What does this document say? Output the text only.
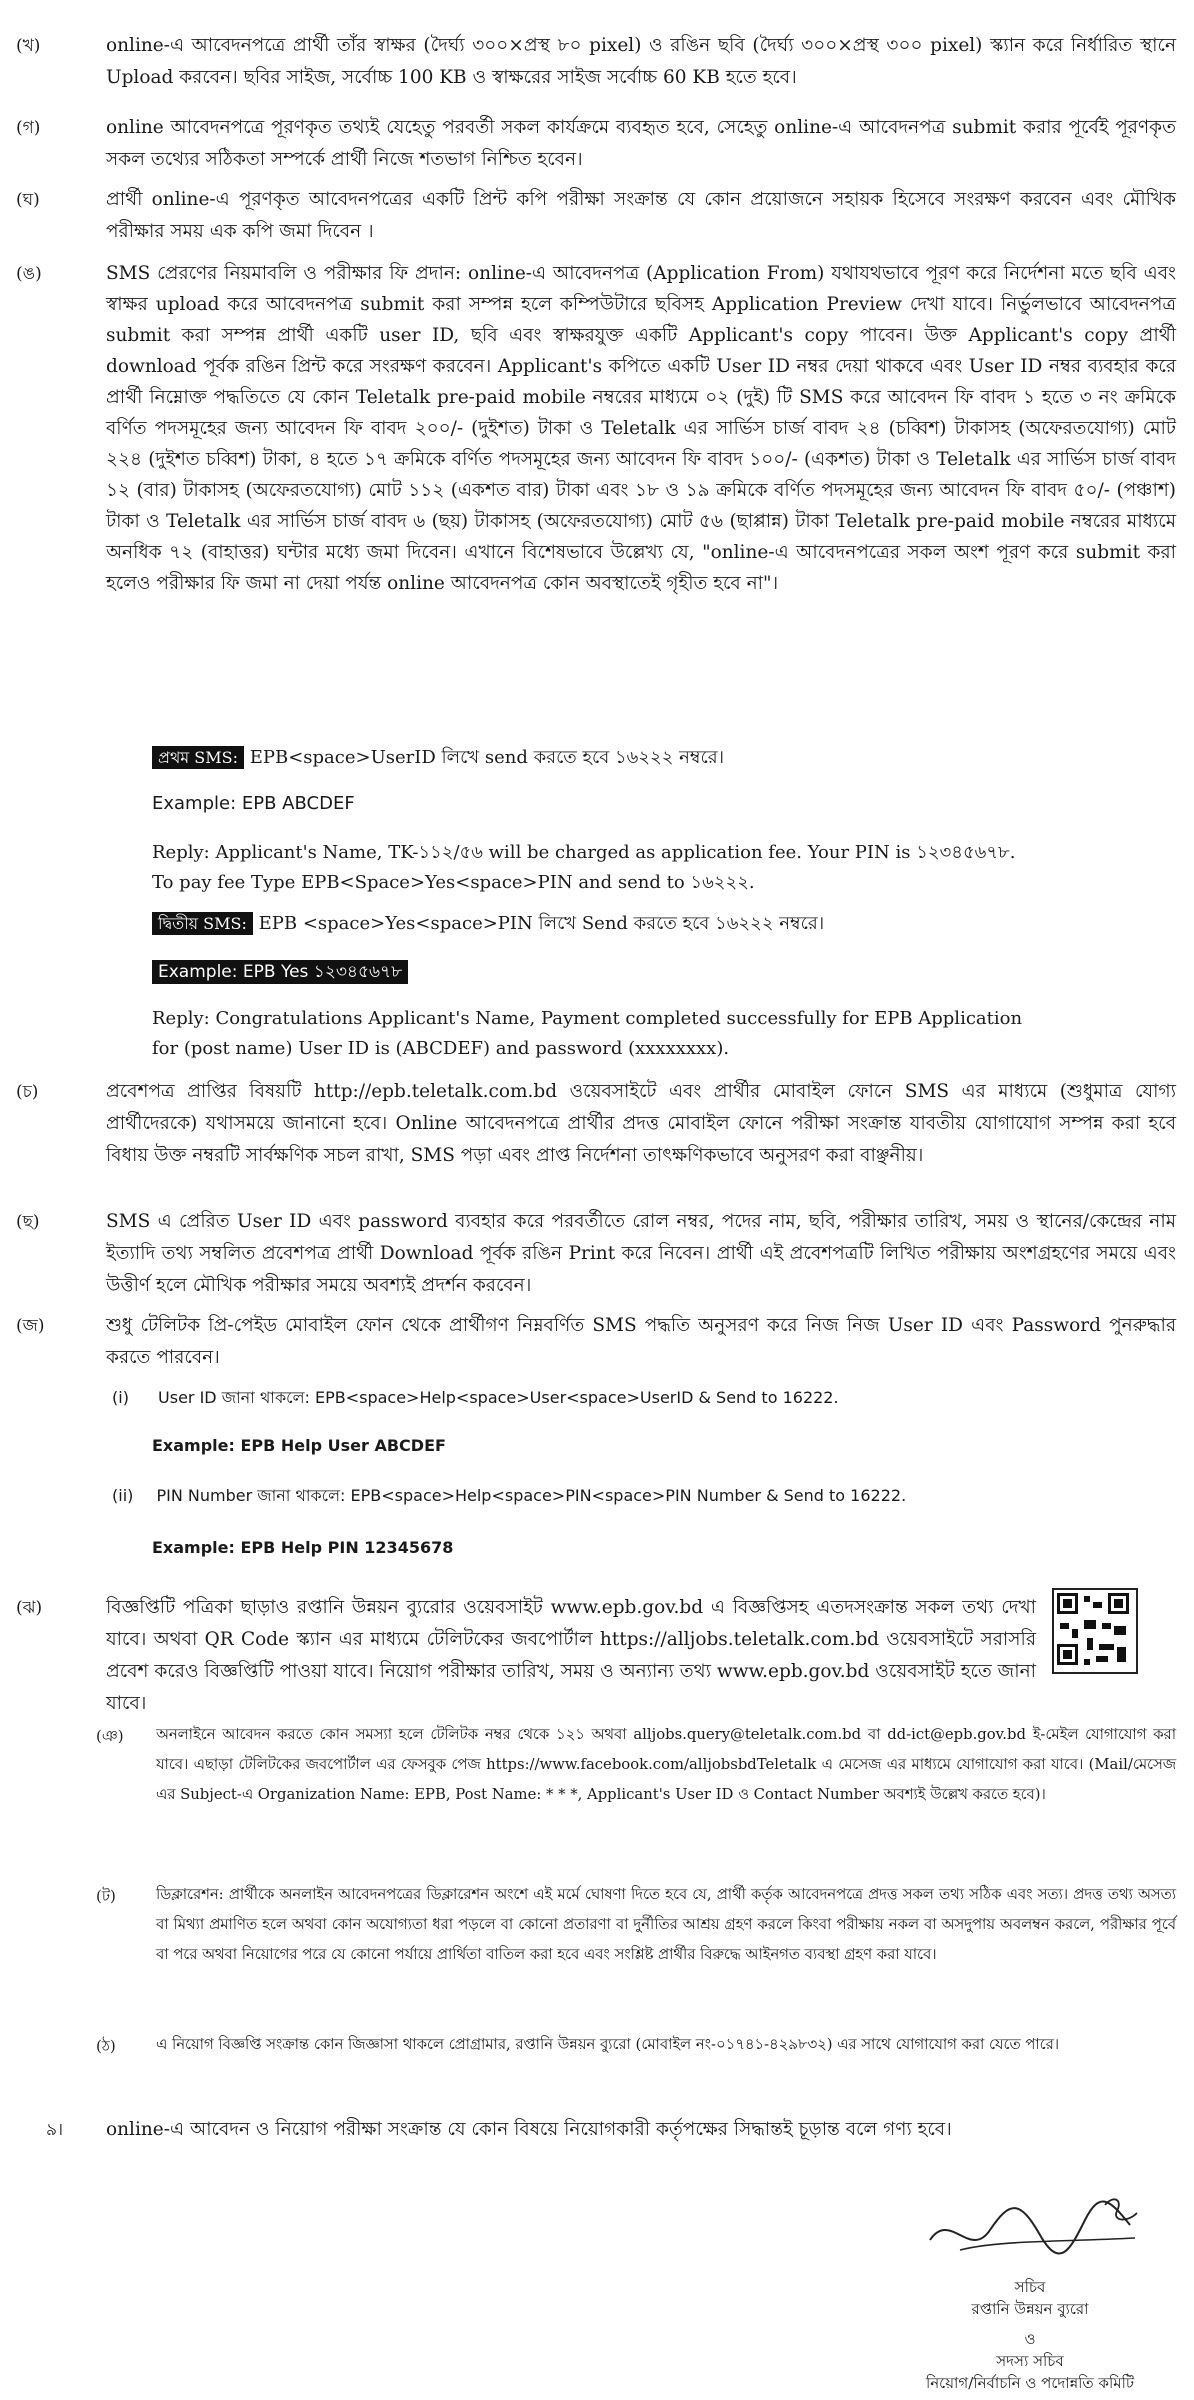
(খ)	online-এ আবেদনপত্রে প্রার্থী তাঁর স্বাক্ষর (দৈর্ঘ্য ৩০০×প্রস্থ ৮০ pixel) ও রঙিন ছবি (দৈর্ঘ্য ৩০০×প্রস্থ ৩০০ pixel) স্ক্যান করে নির্ধারিত স্থানে Upload করবেন। ছবির সাইজ, সর্বোচ্চ 100 KB ও স্বাক্ষরের সাইজ সর্বোচ্চ 60 KB হতে হবে।
(গ)	online আবেদনপত্রে পূরণকৃত তথ্যই যেহেতু পরবর্তী সকল কার্যক্রমে ব্যবহৃত হবে, সেহেতু online-এ আবেদনপত্র submit করার পূর্বেই পূরণকৃত সকল তথ্যের সঠিকতা সম্পর্কে প্রার্থী নিজে শতভাগ নিশ্চিত হবেন।
(ঘ)	প্রার্থী online-এ পূরণকৃত আবেদনপত্রের একটি প্রিন্ট কপি পরীক্ষা সংক্রান্ত যে কোন প্রয়োজনে সহায়ক হিসেবে সংরক্ষণ করবেন এবং মৌখিক পরীক্ষার সময় এক কপি জমা দিবেন ।
(ঙ)	SMS প্রেরণের নিয়মাবলি ও পরীক্ষার ফি প্রদান: online-এ আবেদনপত্র (Application From) যথাযথভাবে পূরণ করে নির্দেশনা মতে ছবি এবং স্বাক্ষর upload করে আবেদনপত্র submit করা সম্পন্ন হলে কম্পিউটারে ছবিসহ Application Preview দেখা যাবে। নির্ভুলভাবে আবেদনপত্র submit করা সম্পন্ন প্রার্থী একটি user ID, ছবি এবং স্বাক্ষরযুক্ত একটি Applicant's copy পাবেন। উক্ত Applicant's copy প্রার্থী download পূর্বক রঙিন প্রিন্ট করে সংরক্ষণ করবেন। Applicant's কপিতে একটি User ID নম্বর দেয়া থাকবে এবং User ID নম্বর ব্যবহার করে প্রার্থী নিম্নোক্ত পদ্ধতিতে যে কোন Teletalk pre-paid mobile নম্বরের মাধ্যমে ০২ (দুই) টি SMS করে আবেদন ফি বাবদ ১ হতে ৩ নং ক্রমিকে বর্ণিত পদসমূহের জন্য আবেদন ফি বাবদ ২০০/- (দুইশত) টাকা ও Teletalk এর সার্ভিস চার্জ বাবদ ২৪ (চব্বিশ) টাকাসহ (অফেরতযোগ্য) মোট ২২৪ (দুইশত চব্বিশ) টাকা, ৪ হতে ১৭ ক্রমিকে বর্ণিত পদসমূহের জন্য আবেদন ফি বাবদ ১০০/- (একশত) টাকা ও Teletalk এর সার্ভিস চার্জ বাবদ ১২ (বার) টাকাসহ (অফেরতযোগ্য) মোট ১১২ (একশত বার) টাকা এবং ১৮ ও ১৯ ক্রমিকে বর্ণিত পদসমূহের জন্য আবেদন ফি বাবদ ৫০/- (পঞ্চাশ) টাকা ও Teletalk এর সার্ভিস চার্জ বাবদ ৬ (ছয়) টাকাসহ (অফেরতযোগ্য) মোট ৫৬ (ছাপ্পান্ন) টাকা Teletalk pre-paid mobile নম্বরের মাধ্যমে অনধিক ৭২ (বাহাত্তর) ঘন্টার মধ্যে জমা দিবেন। এখানে বিশেষভাবে উল্লেখ্য যে, "online-এ আবেদনপত্রের সকল অংশ পূরণ করে submit করা হলেও পরীক্ষার ফি জমা না দেয়া পর্যন্ত online আবেদনপত্র কোন অবস্থাতেই গৃহীত হবে না"।
প্রথম SMS: EPB<space>UserID লিখে send করতে হবে ১৬২২২ নম্বরে।
Example: EPB ABCDEF
Reply: Applicant's Name, TK-১১২/৫৬ will be charged as application fee. Your PIN is ১২৩৪৫৬৭৮. To pay fee Type EPB<Space>Yes<space>PIN and send to ১৬২২২.
দ্বিতীয় SMS: EPB <space>Yes<space>PIN লিখে Send করতে হবে ১৬২২২ নম্বরে।
Example: EPB Yes ১২৩৪৫৬৭৮
Reply: Congratulations Applicant's Name, Payment completed successfully for EPB Application for (post name) User ID is (ABCDEF) and password (xxxxxxxx).
(চ)	প্রবেশপত্র প্রাপ্তির বিষয়টি http://epb.teletalk.com.bd ওয়েবসাইটে এবং প্রার্থীর মোবাইল ফোনে SMS এর মাধ্যমে (শুধুমাত্র যোগ্য প্রার্থীদেরকে) যথাসময়ে জানানো হবে। Online আবেদনপত্রে প্রার্থীর প্রদত্ত মোবাইল ফোনে পরীক্ষা সংক্রান্ত যাবতীয় যোগাযোগ সম্পন্ন করা হবে বিধায় উক্ত নম্বরটি সার্বক্ষণিক সচল রাখা, SMS পড়া এবং প্রাপ্ত নির্দেশনা তাৎক্ষণিকভাবে অনুসরণ করা বাঞ্ছনীয়।
(ছ)	SMS এ প্রেরিত User ID এবং password ব্যবহার করে পরবর্তীতে রোল নম্বর, পদের নাম, ছবি, পরীক্ষার তারিখ, সময় ও স্থানের/কেন্দ্রের নাম ইত্যাদি তথ্য সম্বলিত প্রবেশপত্র প্রার্থী Download পূর্বক রঙিন Print করে নিবেন। প্রার্থী এই প্রবেশপত্রটি লিখিত পরীক্ষায় অংশগ্রহণের সময়ে এবং উত্তীর্ণ হলে মৌখিক পরীক্ষার সময়ে অবশ্যই প্রদর্শন করবেন।
(জ)	শুধু টেলিটক প্রি-পেইড মোবাইল ফোন থেকে প্রার্থীগণ নিম্নবর্ণিত SMS পদ্ধতি অনুসরণ করে নিজ নিজ User ID এবং Password পুনরুদ্ধার করতে পারবেন।
(i) User ID জানা থাকলে: EPB<space>Help<space>User<space>UserID & Send to 16222.
Example: EPB Help User ABCDEF
(ii) PIN Number জানা থাকলে: EPB<space>Help<space>PIN<space>PIN Number & Send to 16222.
Example: EPB Help PIN 12345678
(ঝ)	বিজ্ঞপ্তিটি পত্রিকা ছাড়াও রপ্তানি উন্নয়ন ব্যুরোর ওয়েবসাইট www.epb.gov.bd এ বিজ্ঞপ্তিসহ এতদসংক্রান্ত সকল তথ্য দেখা যাবে। অথবা QR Code স্ক্যান এর মাধ্যমে টেলিটকের জবপোর্টাল https://alljobs.teletalk.com.bd ওয়েবসাইটে সরাসরি প্রবেশ করেও বিজ্ঞপ্তিটি পাওয়া যাবে। নিয়োগ পরীক্ষার তারিখ, সময় ও অন্যান্য তথ্য www.epb.gov.bd ওয়েবসাইট হতে জানা যাবে।
(ঞ)	অনলাইনে আবেদন করতে কোন সমস্যা হলে টেলিটক নম্বর থেকে ১২১ অথবা alljobs.query@teletalk.com.bd বা dd-ict@epb.gov.bd ই-মেইল যোগাযোগ করা যাবে। এছাড়া টেলিটকের জবপোর্টাল এর ফেসবুক পেজ https://www.facebook.com/alljobsbdTeletalk এ মেসেজ এর মাধ্যমে যোগাযোগ করা যাবে। (Mail/মেসেজ এর Subject-এ Organization Name: EPB, Post Name: * * *, Applicant's User ID ও Contact Number অবশ্যই উল্লেখ করতে হবে)।
(ট)	ডিক্লারেশন: প্রার্থীকে অনলাইন আবেদনপত্রের ডিক্লারেশন অংশে এই মর্মে ঘোষণা দিতে হবে যে, প্রার্থী কর্তৃক আবেদনপত্রে প্রদত্ত সকল তথ্য সঠিক এবং সত্য। প্রদত্ত তথ্য অসত্য বা মিথ্যা প্রমাণিত হলে অথবা কোন অযোগ্যতা ধরা পড়লে বা কোনো প্রতারণা বা দুর্নীতির আশ্রয় গ্রহণ করলে কিংবা পরীক্ষায় নকল বা অসদুপায় অবলম্বন করলে, পরীক্ষার পূর্বে বা পরে অথবা নিয়োগের পরে যে কোনো পর্যায়ে প্রার্থিতা বাতিল করা হবে এবং সংশ্লিষ্ট প্রার্থীর বিরুদ্ধে আইনগত ব্যবস্থা গ্রহণ করা যাবে।
(ঠ)	এ নিয়োগ বিজ্ঞপ্তি সংক্রান্ত কোন জিজ্ঞাসা থাকলে প্রোগ্রামার, রপ্তানি উন্নয়ন ব্যুরো (মোবাইল নং-০১৭৪১-৪২৯৮৩২) এর সাথে যোগাযোগ করা যেতে পারে।
৯।	online-এ আবেদন ও নিয়োগ পরীক্ষা সংক্রান্ত যে কোন বিষয়ে নিয়োগকারী কর্তৃপক্ষের সিদ্ধান্তই চূড়ান্ত বলে গণ্য হবে।
সচিব
রপ্তানি উন্নয়ন ব্যুরো
ও
সদস্য সচিব
নিয়োগ/নির্বাচনি ও পদোন্নতি কমিটি
